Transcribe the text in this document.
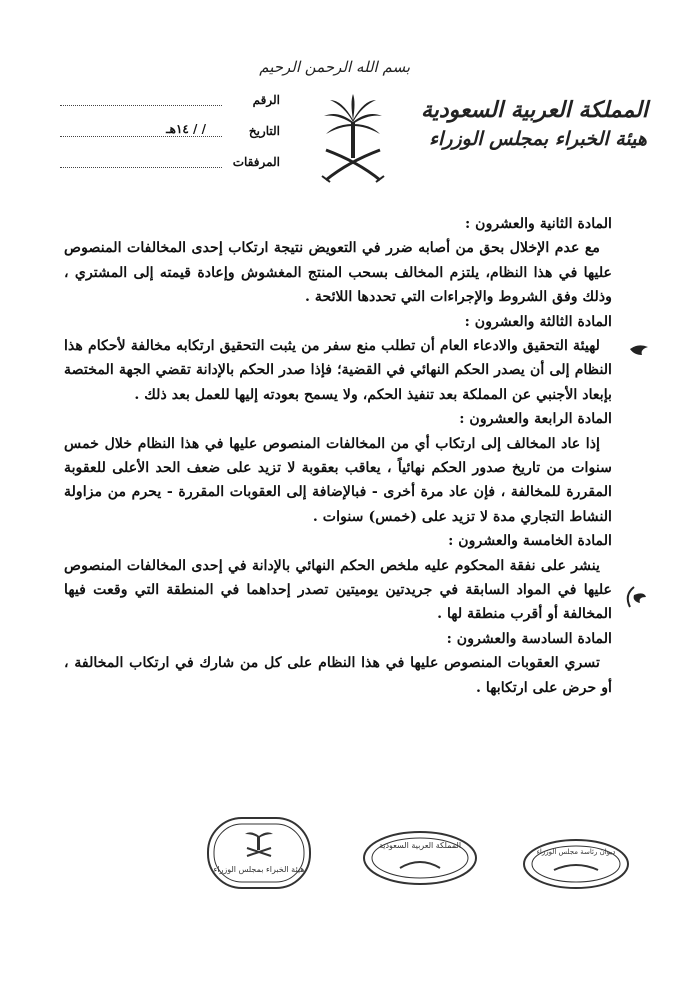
بسم الله الرحمن الرحيم
المملكة العربية السعودية
هيئة الخبراء بمجلس الوزراء
الرقم
التاريخ
/ / ١٤هـ
المرفقات

المادة الثانية والعشرون :

مع عدم الإخلال بحق من أصابه ضرر في التعويض نتيجة ارتكاب إحدى المخالفات المنصوص عليها في هذا النظام، يلتزم المخالف بسحب المنتج المغشوش وإعادة قيمته إلى المشتري ، وذلك وفق الشروط والإجراءات التي تحددها اللائحة .

المادة الثالثة والعشرون :

لهيئة التحقيق والادعاء العام أن تطلب منع سفر من يثبت التحقيق ارتكابه مخالفة لأحكام هذا النظام إلى أن يصدر الحكم النهائي في القضية؛ فإذا صدر الحكم بالإدانة تقضي الجهة المختصة بإبعاد الأجنبي عن المملكة بعد تنفيذ الحكم، ولا يسمح بعودته إليها للعمل بعد ذلك .

المادة الرابعة والعشرون :

إذا عاد المخالف إلى ارتكاب أي من المخالفات المنصوص عليها في هذا النظام خلال خمس سنوات من تاريخ صدور الحكم نهائياً ، يعاقب بعقوبة لا تزيد على ضعف الحد الأعلى للعقوبة المقررة للمخالفة ، فإن عاد مرة أخرى - فبالإضافة إلى العقوبات المقررة - يحرم من مزاولة النشاط التجاري مدة لا تزيد على (خمس) سنوات .

المادة الخامسة والعشرون :

ينشر على نفقة المحكوم عليه ملخص الحكم النهائي بالإدانة في إحدى المخالفات المنصوص عليها في المواد السابقة في جريدتين يوميتين تصدر إحداهما في المنطقة التي وقعت فيها المخالفة أو أقرب منطقة لها .

المادة السادسة والعشرون :

تسري العقوبات المنصوص عليها في هذا النظام على كل من شارك في ارتكاب المخالفة ، أو حرض على ارتكابها .

هيئة الخبراء بمجلس الوزراء
المملكة العربية السعودية
ديوان رئاسة مجلس الوزراء
